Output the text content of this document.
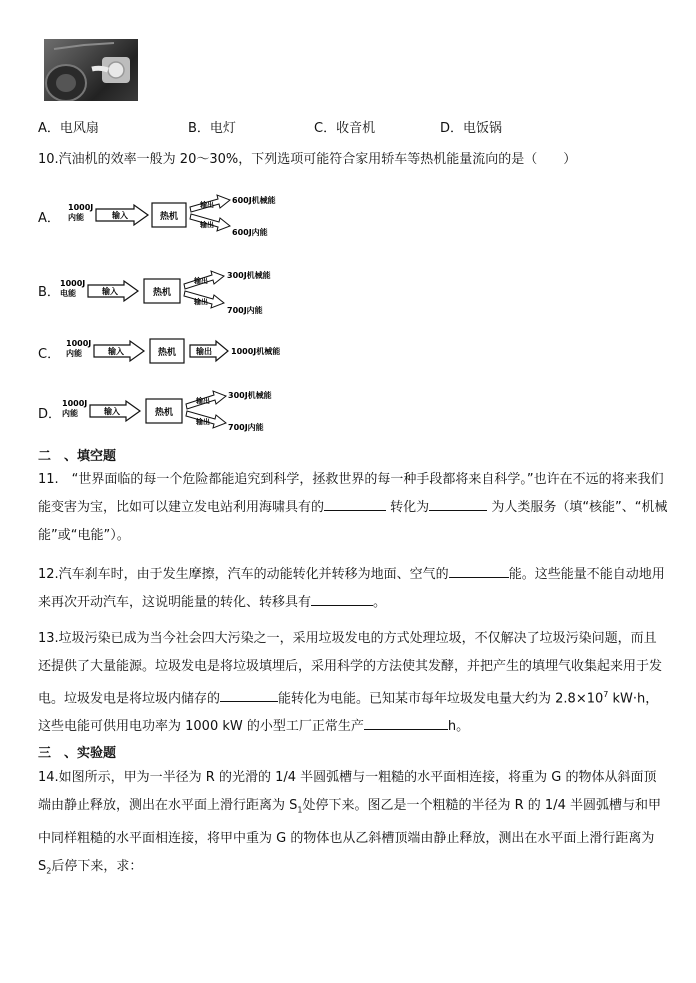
A．电风扇	B．电灯	C．收音机	D．电饭锅
10.汽油机的效率一般为 20～30%，下列选项可能符合家用轿车等热机能量流向的是（　　）
A．
B．
C．
D．
1000J
内能	输入	热机
输出
输出
600J机械能
600J内能
1000J
电能	输入	热机
输出
输出
300J机械能
700J内能
1000J
内能	输入	热机 输出 1000J机械能
1000J
内能	输入	热机
输出
输出
300J机械能
700J内能
二　、填空题
11.　“世界面临的每一个危险都能追究到科学，拯救世界的每一种手段都将来自科学。”也许在不远的将来我们能变害为宝，比如可以建立发电站利用海啸具有的	转化为	为人类服务（填“核能”、“机械能”或“电能”）。
12.汽车刹车时，由于发生摩擦，汽车的动能转化并转移为地面、空气的	能。这些能量不能自动地用来再次开动汽车，这说明能量的转化、转移具有	。
13.垃圾污染已成为当今社会四大污染之一，采用垃圾发电的方式处理垃圾，不仅解决了垃圾污染问题，而且还提供了大量能源。垃圾发电是将垃圾填埋后，采用科学的方法使其发酵，并把产生的填埋气收集起来用于发电。垃圾发电是将垃圾内储存的	能转化为电能。已知某市每年垃圾发电量大约为 $2.8\times 10^7$ kW·h，这些电能可供用电功率为 1000 kW 的小型工厂正常生产	h。
三　、实验题
14.如图所示，甲为一半径为 R 的光滑的 1/4 半圆弧槽与一粗糙的水平面相连接，将重为 G 的物体从斜面顶端由静止释放，测出在水平面上滑行距离为 $S_1$处停下来。图乙是一个粗糙的半径为 R 的 1/4 半圆弧槽与和甲中同样粗糙的水平面相连接，将甲中重为 G 的物体也从乙斜槽顶端由静止释放，测出在水平面上滑行距离为 $S_2$后停下来，求：
